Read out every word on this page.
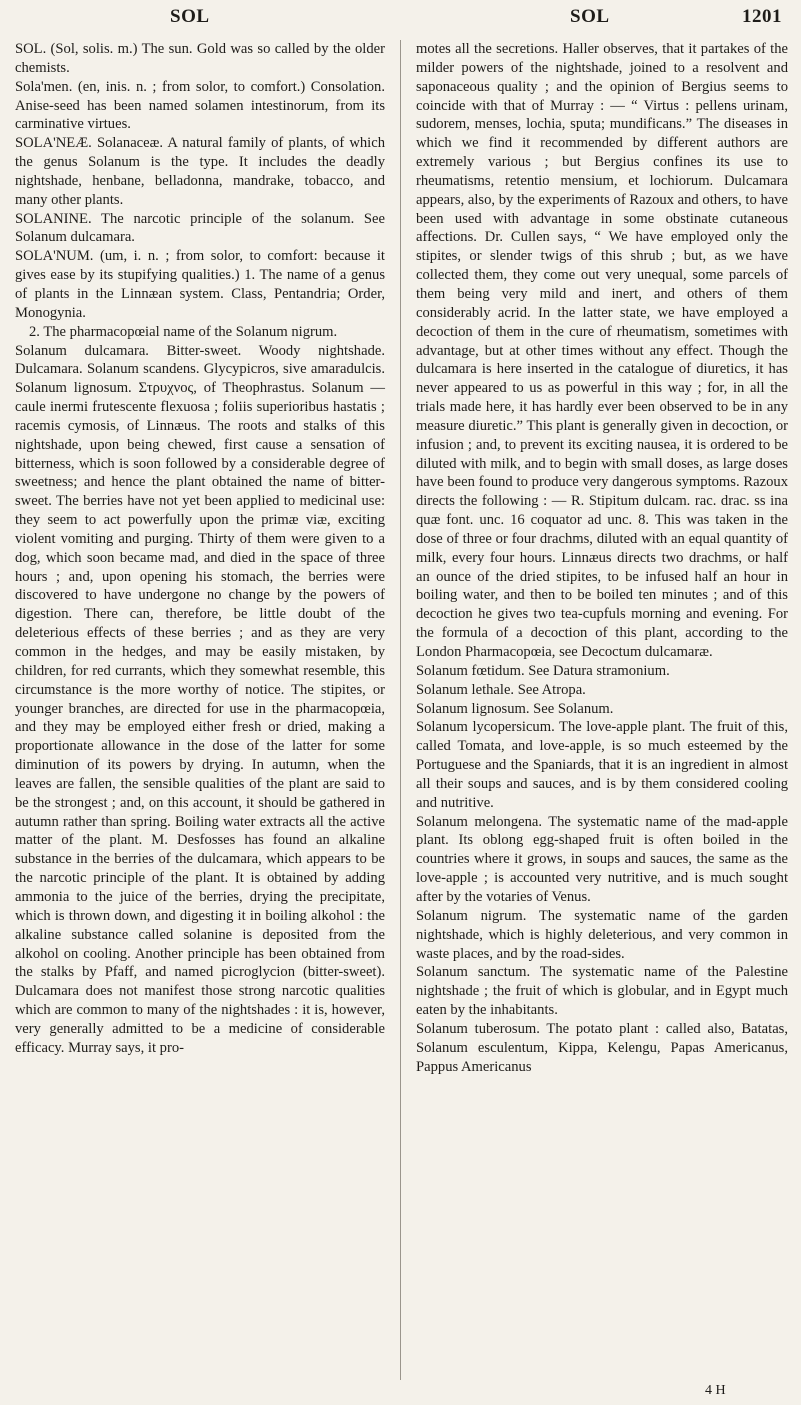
SOL	SOL	1201

SOL. (Sol, solis. m.) The sun. Gold was so called by the older chemists.

Sola'men. (en, inis. n. ; from solor, to comfort.) Consolation. Anise-seed has been named solamen intestinorum, from its carminative virtues.

SOLA'NEÆ. Solanaceæ. A natural family of plants, of which the genus Solanum is the type. It includes the deadly nightshade, henbane, belladonna, mandrake, tobacco, and many other plants.

SOLANINE. The narcotic principle of the solanum. See Solanum dulcamara.

SOLA'NUM. (um, i. n. ; from solor, to comfort: because it gives ease by its stupifying qualities.) 1. The name of a genus of plants in the Linnæan system. Class, Pentandria; Order, Monogynia.

2. The pharmacopœial name of the Solanum nigrum.

Solanum dulcamara. Bitter-sweet. Woody nightshade. Dulcamara. Solanum scandens. Glycypicros, sive amaradulcis. Solanum lignosum. Στρυχνος, of Theophrastus. Solanum — caule inermi frutescente flexuosa ; foliis superioribus hastatis ; racemis cymosis, of Linnæus. The roots and stalks of this nightshade, upon being chewed, first cause a sensation of bitterness, which is soon followed by a considerable degree of sweetness; and hence the plant obtained the name of bitter-sweet. The berries have not yet been applied to medicinal use: they seem to act powerfully upon the primæ viæ, exciting violent vomiting and purging. Thirty of them were given to a dog, which soon became mad, and died in the space of three hours ; and, upon opening his stomach, the berries were discovered to have undergone no change by the powers of digestion. There can, therefore, be little doubt of the deleterious effects of these berries ; and as they are very common in the hedges, and may be easily mistaken, by children, for red currants, which they somewhat resemble, this circumstance is the more worthy of notice. The stipites, or younger branches, are directed for use in the pharmacopœia, and they may be employed either fresh or dried, making a proportionate allowance in the dose of the latter for some diminution of its powers by drying. In autumn, when the leaves are fallen, the sensible qualities of the plant are said to be the strongest ; and, on this account, it should be gathered in autumn rather than spring. Boiling water extracts all the active matter of the plant. M. Desfosses has found an alkaline substance in the berries of the dulcamara, which appears to be the narcotic principle of the plant. It is obtained by adding ammonia to the juice of the berries, drying the precipitate, which is thrown down, and digesting it in boiling alkohol : the alkaline substance called solanine is deposited from the alkohol on cooling. Another principle has been obtained from the stalks by Pfaff, and named picroglycion (bitter-sweet). Dulcamara does not manifest those strong narcotic qualities which are common to many of the nightshades : it is, however, very generally admitted to be a medicine of considerable efficacy. Murray says, it pro-

motes all the secretions. Haller observes, that it partakes of the milder powers of the nightshade, joined to a resolvent and saponaceous quality ; and the opinion of Bergius seems to coincide with that of Murray : — “ Virtus : pellens urinam, sudorem, menses, lochia, sputa; mundificans.” The diseases in which we find it recommended by different authors are extremely various ; but Bergius confines its use to rheumatisms, retentio mensium, et lochiorum. Dulcamara appears, also, by the experiments of Razoux and others, to have been used with advantage in some obstinate cutaneous affections. Dr. Cullen says, “ We have employed only the stipites, or slender twigs of this shrub ; but, as we have collected them, they come out very unequal, some parcels of them being very mild and inert, and others of them considerably acrid. In the latter state, we have employed a decoction of them in the cure of rheumatism, sometimes with advantage, but at other times without any effect. Though the dulcamara is here inserted in the catalogue of diuretics, it has never appeared to us as powerful in this way ; for, in all the trials made here, it has hardly ever been observed to be in any measure diuretic.” This plant is generally given in decoction, or infusion ; and, to prevent its exciting nausea, it is ordered to be diluted with milk, and to begin with small doses, as large doses have been found to produce very dangerous symptoms. Razoux directs the following : — R. Stipitum dulcam. rac. drac. ss ina quæ font. unc. 16 coquator ad unc. 8. This was taken in the dose of three or four drachms, diluted with an equal quantity of milk, every four hours. Linnæus directs two drachms, or half an ounce of the dried stipites, to be infused half an hour in boiling water, and then to be boiled ten minutes ; and of this decoction he gives two tea-cupfuls morning and evening. For the formula of a decoction of this plant, according to the London Pharmacopœia, see Decoctum dulcamaræ.

Solanum fœtidum. See Datura stramonium.

Solanum lethale. See Atropa.

Solanum lignosum. See Solanum.

Solanum lycopersicum. The love-apple plant. The fruit of this, called Tomata, and love-apple, is so much esteemed by the Portuguese and the Spaniards, that it is an ingredient in almost all their soups and sauces, and is by them considered cooling and nutritive.

Solanum melongena. The systematic name of the mad-apple plant. Its oblong egg-shaped fruit is often boiled in the countries where it grows, in soups and sauces, the same as the love-apple ; is accounted very nutritive, and is much sought after by the votaries of Venus.

Solanum nigrum. The systematic name of the garden nightshade, which is highly deleterious, and very common in waste places, and by the road-sides.

Solanum sanctum. The systematic name of the Palestine nightshade ; the fruit of which is globular, and in Egypt much eaten by the inhabitants.

Solanum tuberosum. The potato plant : called also, Batatas, Solanum esculentum, Kippa, Kelengu, Papas Americanus, Pappus Americanus

4 H
